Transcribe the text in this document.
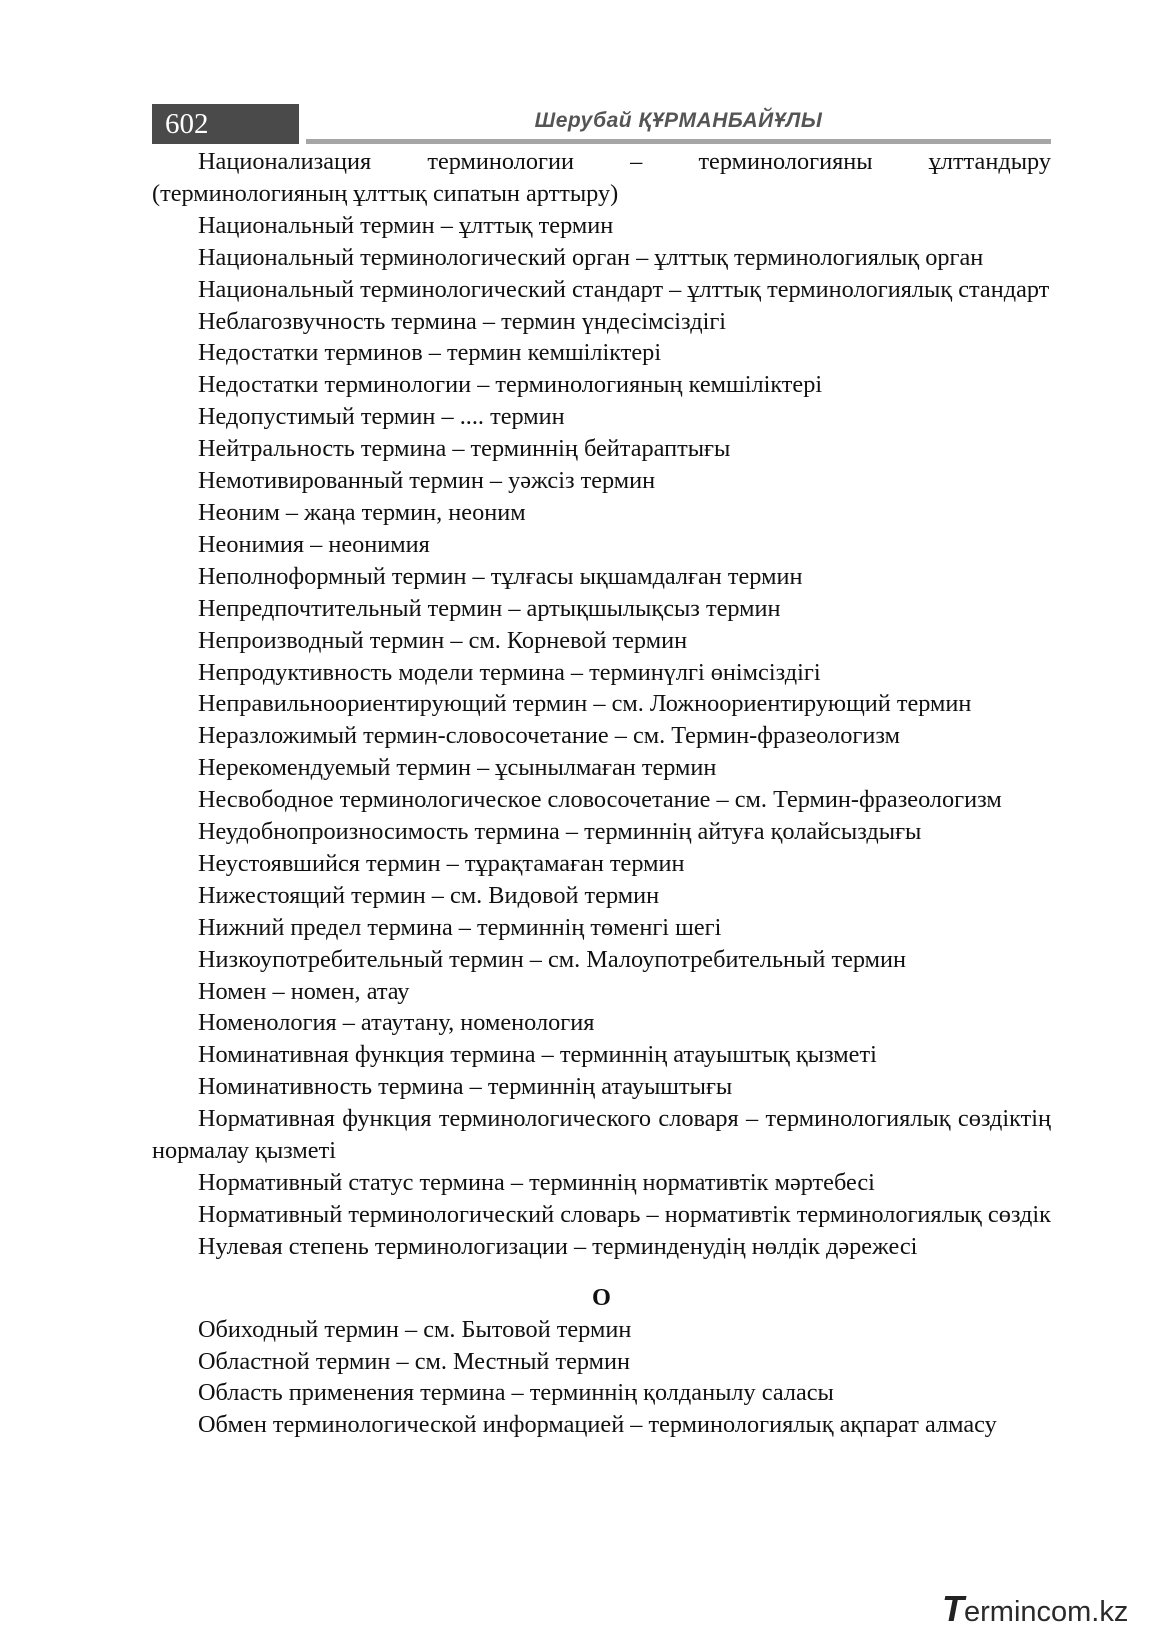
602	Шерубай ҚҰРМАНБАЙҰЛЫ

Национализация терминологии – терминологияны ұлттандыру (терминологияның ұлттық сипатын арттыру)

Национальный термин – ұлттық термин

Национальный терминологический орган – ұлттық терминологиялық орган

Национальный терминологический стандарт – ұлттық терминологиялық стандарт

Неблагозвучность термина – термин үндесімсіздігі

Недостатки терминов – термин кемшіліктері

Недостатки терминологии – терминологияның кемшіліктері

Недопустимый термин – .... термин

Нейтральность термина – терминнің бейтараптығы

Немотивированный термин – уәжсіз термин

Неоним – жаңа термин, неоним

Неонимия – неонимия

Неполноформный термин – тұлғасы ықшамдалған термин

Непредпочтительный термин – артықшылықсыз термин

Непроизводный термин – см. Корневой термин

Непродуктивность модели термина – терминүлгі өнімсіздігі

Неправильноориентирующий термин – см. Ложноориентирующий термин

Неразложимый термин-словосочетание – см. Термин-фразеологизм

Нерекомендуемый термин – ұсынылмаған термин

Несвободное терминологическое словосочетание – см. Термин-фразеологизм

Неудобнопроизносимость термина – терминнің айтуға қолайсыздығы

Неустоявшийся термин – тұрақтамаған термин

Нижестоящий термин – см. Видовой термин

Нижний предел термина – терминнің төменгі шегі

Низкоупотребительный термин – см. Малоупотребительный термин

Номен – номен, атау

Номенология – атаутану, номенология

Номинативная функция термина – терминнің атауыштық қызметі

Номинативность термина – терминнің атауыштығы

Нормативная функция терминологического словаря – терминологиялық сөздіктің нормалау қызметі

Нормативный статус термина – терминнің нормативтік мәртебесі

Нормативный терминологический словарь – нормативтік терминологиялық сөздік

Нулевая степень терминологизации – терминденудің нөлдік дәрежесі

О

Обиходный термин – см. Бытовой термин

Областной термин – см. Местный термин

Область применения термина – терминнің қолданылу саласы

Обмен терминологической информацией – терминологиялық ақпарат алмасу

Termincom.kz
